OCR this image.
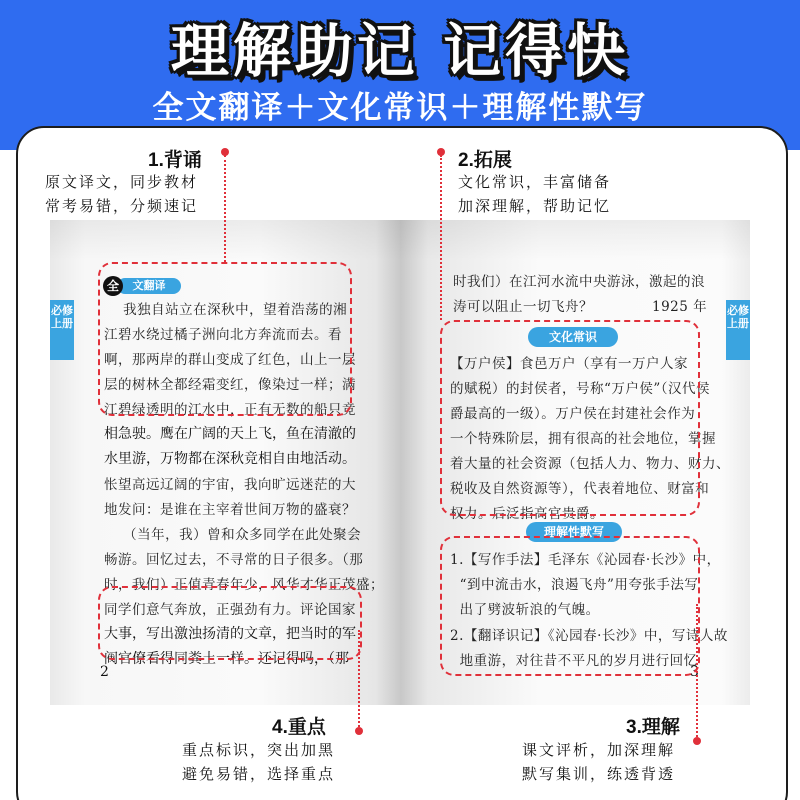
理解助记 记得快
全文翻译＋文化常识＋理解性默写
1.背诵
原文译文，同步教材
常考易错，分频速记
2.拓展
文化常识，丰富储备
加深理解，帮助记忆
必修上册
必修上册
文翻译
全
我独自站立在深秋中，望着浩荡的湘
江碧水绕过橘子洲向北方奔流而去。看
啊，那两岸的群山变成了红色，山上一层
层的树林全都经霜变红，像染过一样；满
江碧绿透明的江水中，正有无数的船只竞
相急驶。鹰在广阔的天上飞，鱼在清澈的
水里游，万物都在深秋竞相自由地活动。
怅望高远辽阔的宇宙，我向旷远迷茫的大
地发问：是谁在主宰着世间万物的盛衰？
（当年，我）曾和众多同学在此处聚会
畅游。回忆过去，不寻常的日子很多。（那
时，我们）正值青春年少，风华才华正茂盛；
同学们意气奔放，正强劲有力。评论国家
大事，写出激浊扬清的文章，把当时的军
阀官僚看得同粪土一样。还记得吗，（那
2
时我们）在江河水流中央游泳，激起的浪
涛可以阻止一切飞舟？	1925 年
文化常识
【万户侯】食邑万户（享有一万户人家
的赋税）的封侯者，号称“万户侯”（汉代侯
爵最高的一级）。万户侯在封建社会作为
一个特殊阶层，拥有很高的社会地位，掌握
着大量的社会资源（包括人力、物力、财力、
税收及自然资源等），代表着地位、财富和
权力。后泛指高官贵爵。
理解性默写
1.【写作手法】毛泽东《沁园春·长沙》中，
“到中流击水，浪遏飞舟”用夸张手法写
出了劈波斩浪的气魄。
2.【翻译识记】《沁园春·长沙》中，写诗人故
地重游，对往昔不平凡的岁月进行回忆
3
4.重点
重点标识，突出加黑
避免易错，选择重点
3.理解
课文评析，加深理解
默写集训，练透背透
